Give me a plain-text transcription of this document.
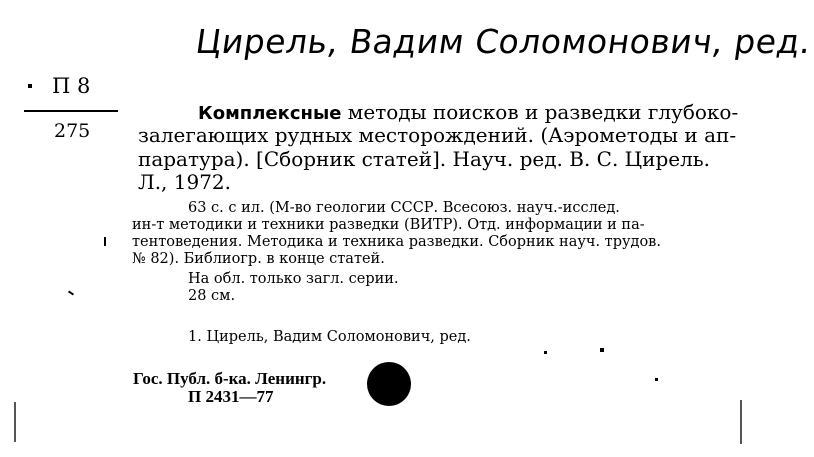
Цирель, Вадим Соломонович, ред.
П 8
275
Комплексные методы поисков и разведки глубоко-
залегающих рудных месторождений. (Аэрометоды и ап-
паратура). [Сборник статей]. Науч. ред. В. С. Цирель.
Л., 1972.
63 с. с ил. (М-во геологии СССР. Всесоюз. науч.-исслед.
ин-т методики и техники разведки (ВИТР). Отд. информации и па-
тентоведения. Методика и техника разведки. Сборник науч. трудов.
№ 82). Библиогр. в конце статей.
На обл. только загл. серии.
28 см.
1. Цирель, Вадим Соломонович, ред.
Гос. Публ. б-ка. Ленингр.
П 2431—77
